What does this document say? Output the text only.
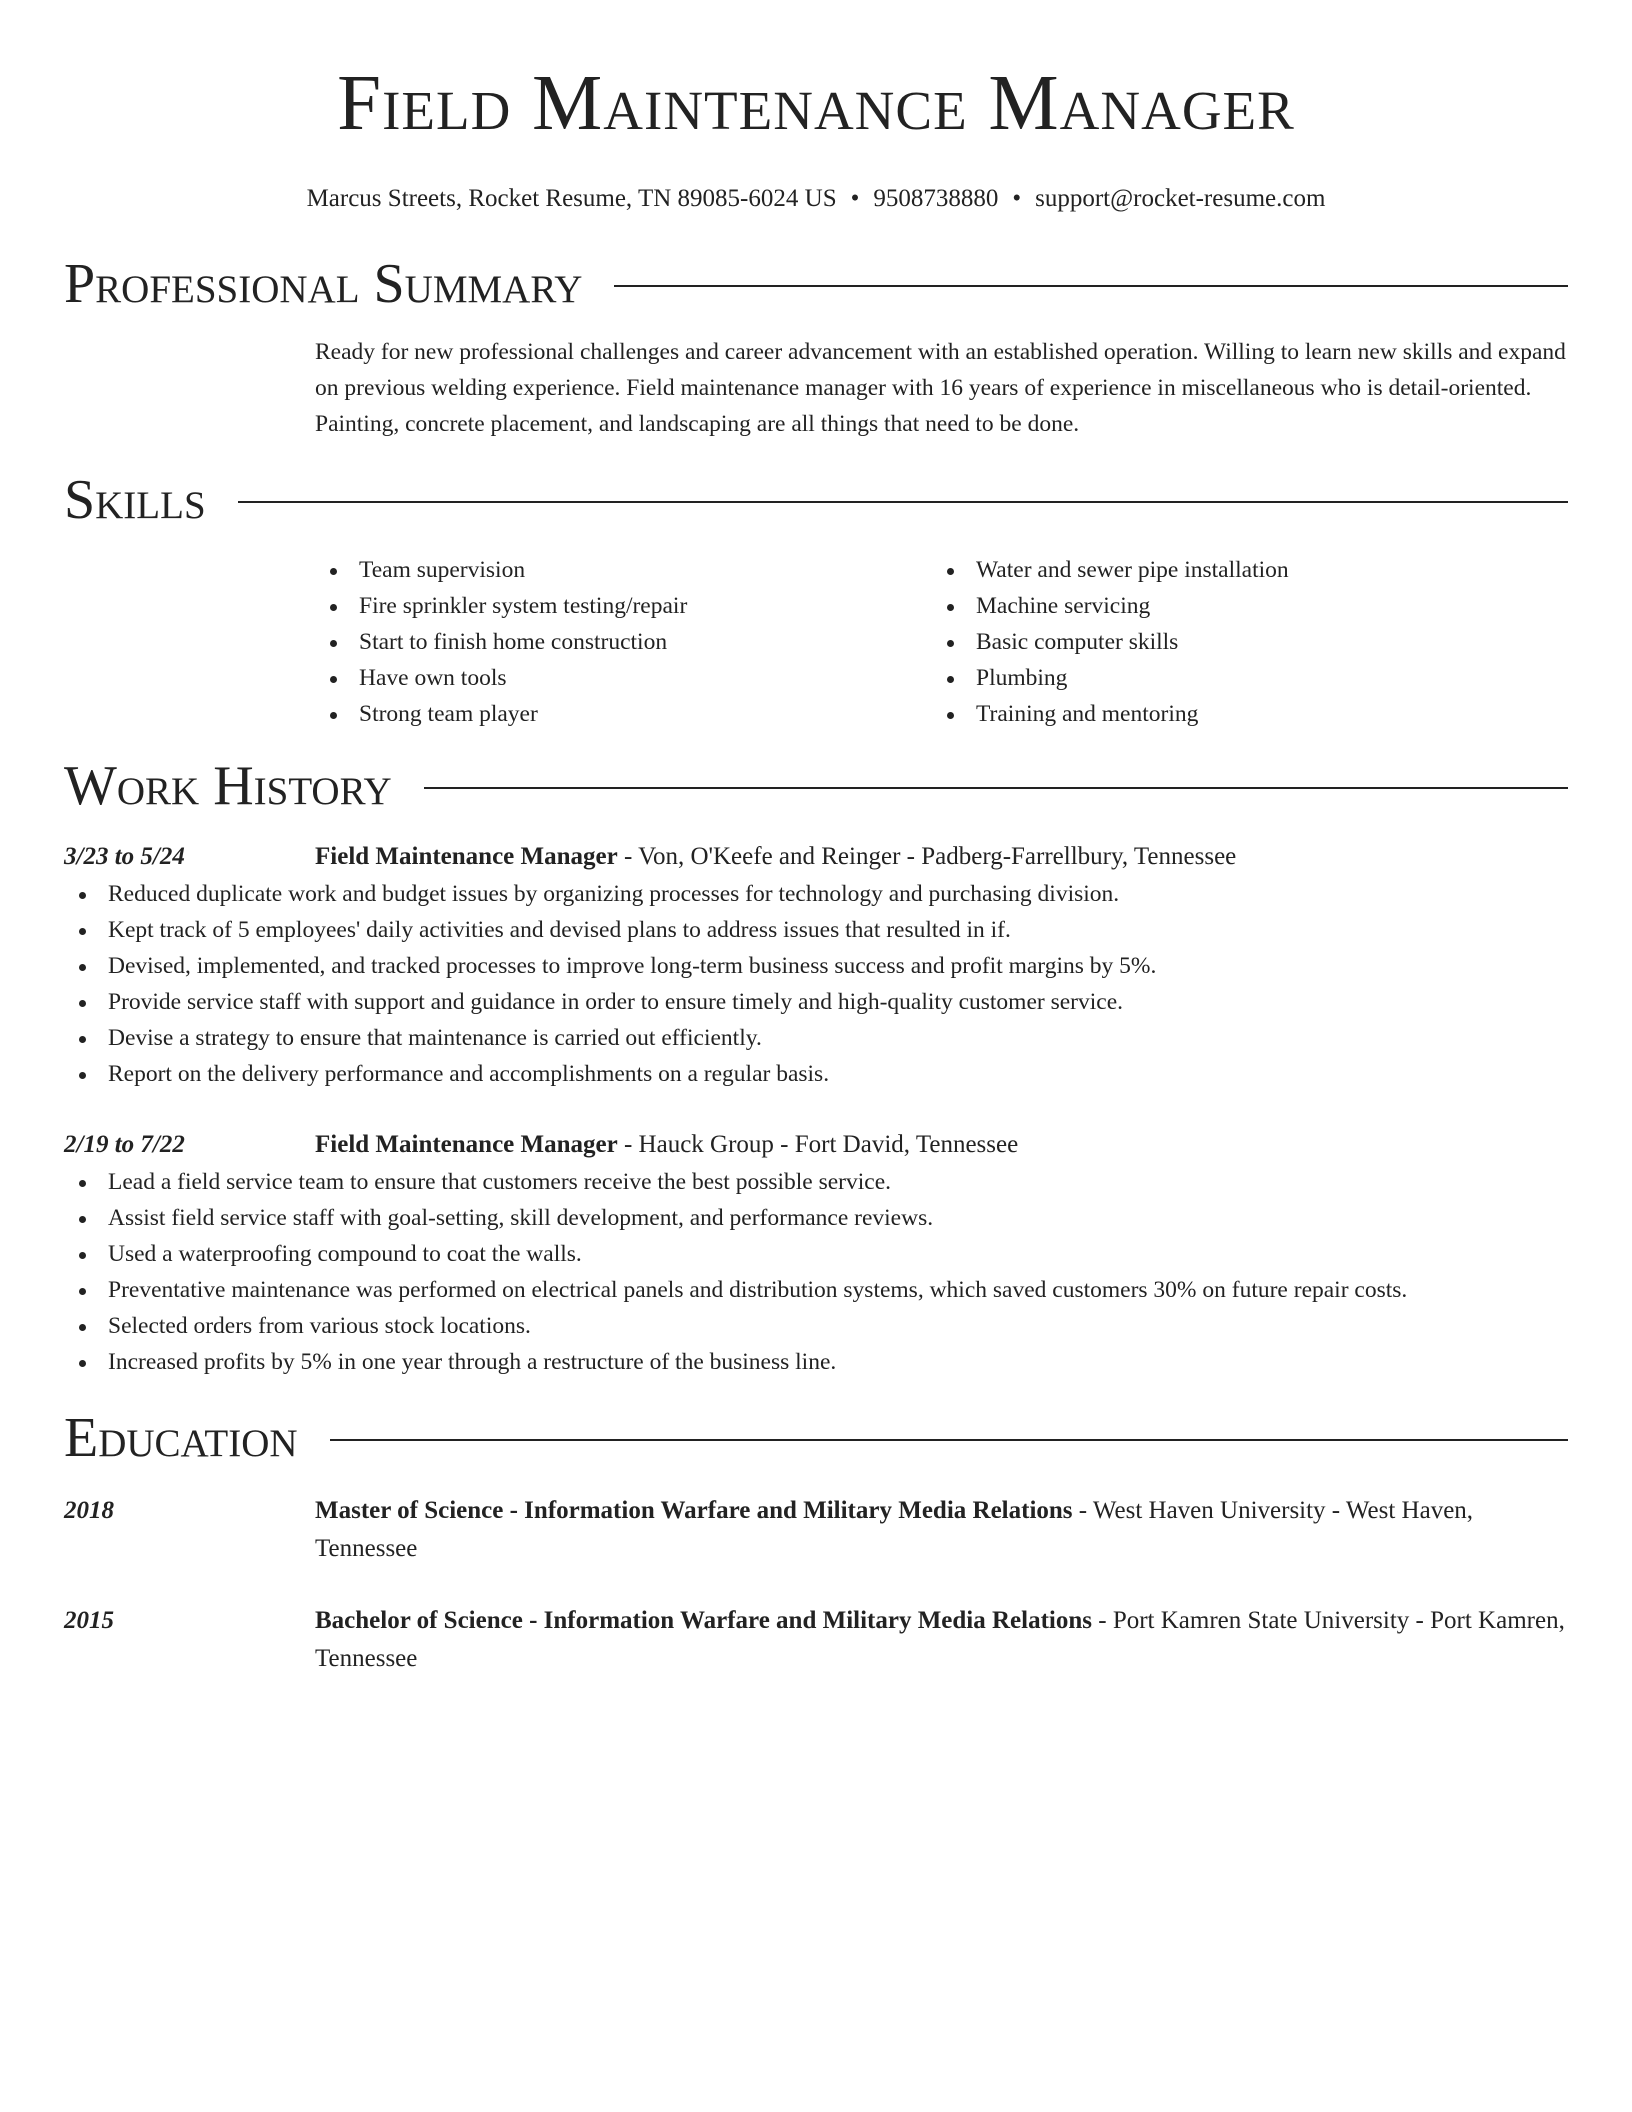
Field Maintenance Manager
Marcus Streets, Rocket Resume, TN 89085-6024 US • 9508738880 • support@rocket-resume.com
Professional Summary
Ready for new professional challenges and career advancement with an established operation. Willing to learn new skills and expand on previous welding experience. Field maintenance manager with 16 years of experience in miscellaneous who is detail-oriented. Painting, concrete placement, and landscaping are all things that need to be done.
Skills
Team supervision
Fire sprinkler system testing/repair
Start to finish home construction
Have own tools
Strong team player
Water and sewer pipe installation
Machine servicing
Basic computer skills
Plumbing
Training and mentoring
Work History
3/23 to 5/24	Field Maintenance Manager - Von, O'Keefe and Reinger - Padberg-Farrellbury, Tennessee
Reduced duplicate work and budget issues by organizing processes for technology and purchasing division.
Kept track of 5 employees' daily activities and devised plans to address issues that resulted in if.
Devised, implemented, and tracked processes to improve long-term business success and profit margins by 5%.
Provide service staff with support and guidance in order to ensure timely and high-quality customer service.
Devise a strategy to ensure that maintenance is carried out efficiently.
Report on the delivery performance and accomplishments on a regular basis.
2/19 to 7/22	Field Maintenance Manager - Hauck Group - Fort David, Tennessee
Lead a field service team to ensure that customers receive the best possible service.
Assist field service staff with goal-setting, skill development, and performance reviews.
Used a waterproofing compound to coat the walls.
Preventative maintenance was performed on electrical panels and distribution systems, which saved customers 30% on future repair costs.
Selected orders from various stock locations.
Increased profits by 5% in one year through a restructure of the business line.
Education
2018	Master of Science - Information Warfare and Military Media Relations - West Haven University - West Haven, Tennessee
2015	Bachelor of Science - Information Warfare and Military Media Relations - Port Kamren State University - Port Kamren, Tennessee
